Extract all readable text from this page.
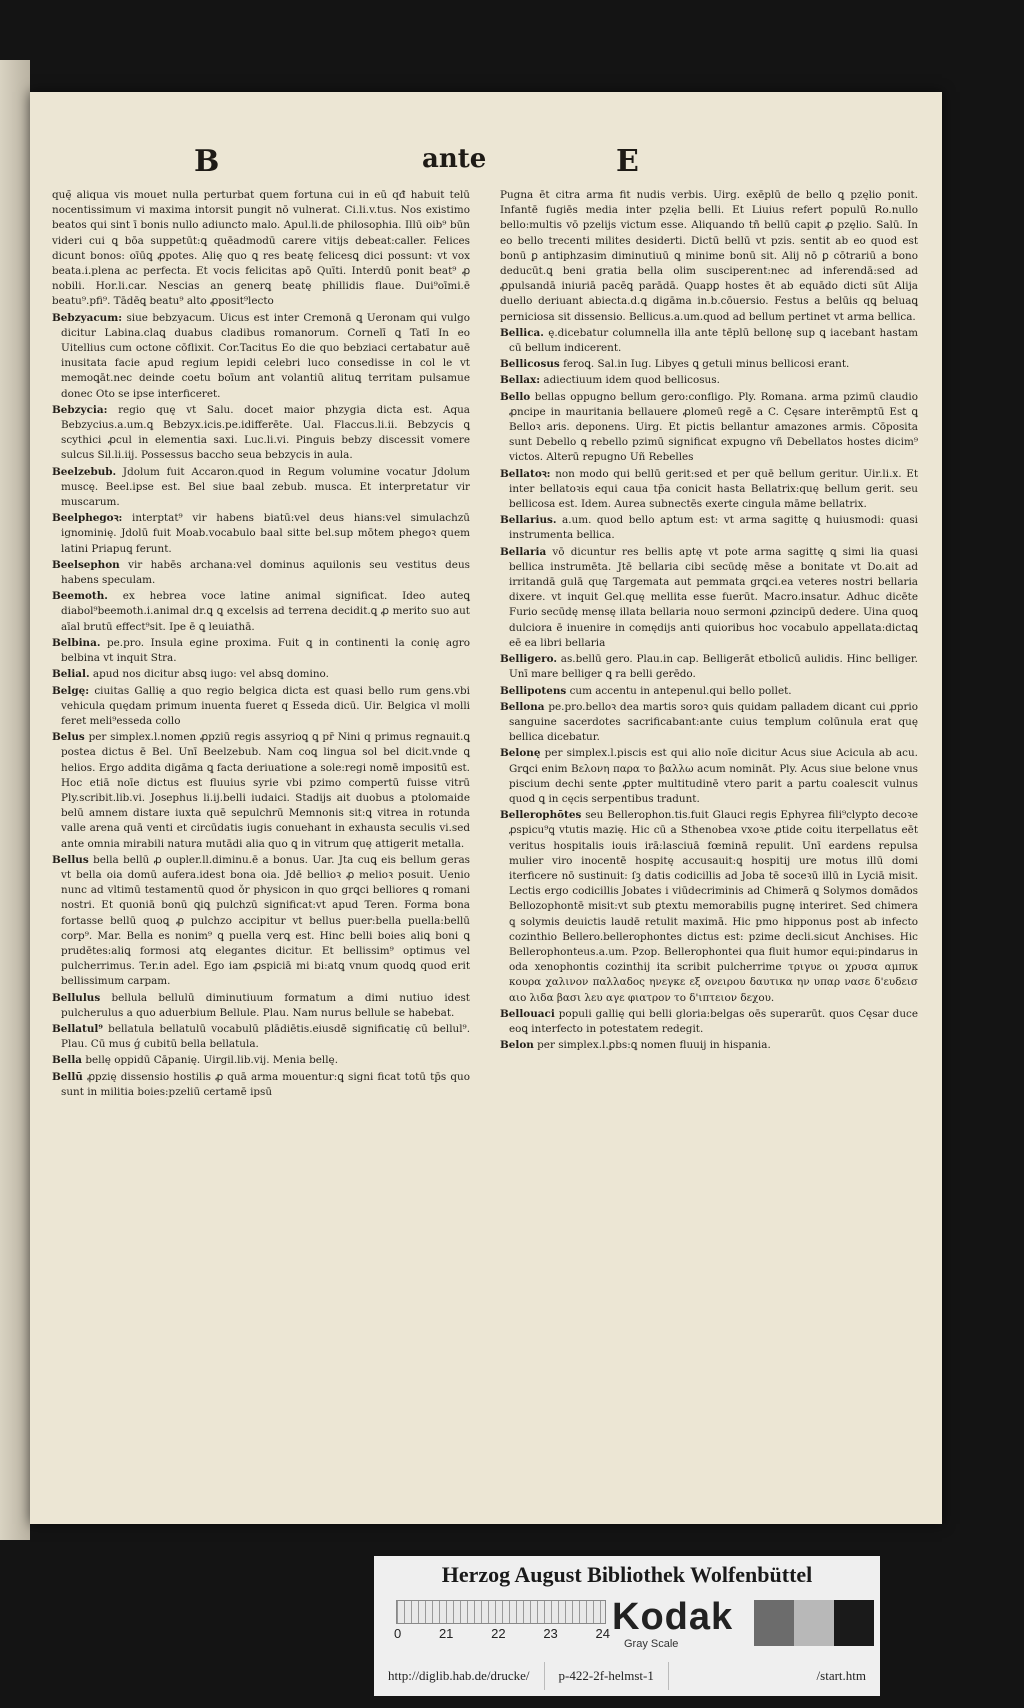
B	ante	E

quę̄ aliqua vis mouet nulla perturbat quem fortuna cui in eū qđ habuit telū nocentissimum vi maxima intorsit pungit nō vulnerat. Ci.li.v.tus. Nos existimo beatos qui sint ī bonis nullo adiuncto malo. Apul.li.de philosophia. Illū oib⁹ būn videri cui ꝗ bōa suppetūt:ꝗ quēadmodū carere vitijs debeat:caller. Felices dicunt bonos: oīūꝗ ꝓpotes. Alię quo ꝗ res beatę felicesꝗ dici possunt: vt vox beata.i.plena ac perfecta. Et vocis felicitas apō Quīti. Interdū ponit beat⁹ ꝓ nobili. Hor.li.car. Nescias an generꝗ beatę phillidis flaue. Dui⁹oīmi.ē beatu⁹.pfi⁹. Tādēꝗ beatu⁹ alto ꝓposit⁹lecto

Bebzyacum: siue bebzyacum. Uicus est inter Cremonā ꝗ Ueronam qui vulgo dicitur Labina.claꝗ duabus cladibus romanorum. Cornelī ꝗ Tatī In eo Uitellius cum octone cōflixit. Cor.Tacitus Eo die quo bebziaci certabatur auē inusitata facie apud regium lepidi celebri luco consedisse in col le vt memoꝗāt.nec deinde coetu boīum ant volantiū alituꝗ territam pulsamue donec Oto se ipse interficeret.

Bebzycia: regio quę vt Salu. docet maior phzygia dicta est. Aqua Bebzycius.a.um.ꝗ Bebzyx.icis.pe.idifferēte. Ual. Flaccus.li.ii. Bebzycis ꝗ scythici ꝓcul in elementia saxi. Luc.li.vi. Pinguis bebzy discessit vomere sulcus Sil.li.iij. Possessus baccho seua bebzycis in aula.

Beelzebub. Jdolum fuit Accaron.quod in Regum volumine vocatur Jdolum muscę. Beel.ipse est. Bel siue baal zebub. musca. Et interpretatur vir muscarum.

Beelphegoꝛ: interptat⁹ vir habens biatū:vel deus hians:vel simulachzū ignominię. Jdolū fuit Moab.vocabulo baal sitte bel.sup mōtem phegoꝛ quem latini Priapuꝗ ferunt.

Beelsephon vir habēs archana:vel dominus aquilonis seu vestitus deus habens speculam.

Beemoth. ex hebrea voce latine animal significat. Ideo auteꝗ diabol⁹beemoth.i.animal dr.ꝗ ꝗ excelsis ad terrena decidit.ꝗ ꝓ merito suo aut aīal brutū effect⁹sit. Ipe ē ꝗ leuiathā.

Belbina. pe.pro. Insula egine proxima. Fuit ꝗ in continenti la conię agro belbina vt inquit Stra.

Belial. apud nos dicitur absꝗ iugo: vel absꝗ domino.

Belgę: ciuitas Gallię a quo regio belgica dicta est quasi bello rum gens.vbi vehicula quędam primum inuenta fueret q Esseda dicū. Uir. Belgica vl molli feret meli⁹esseda collo

Belus per simplex.l.nomen ꝓpziū regis assyrioꝗ ꝗ pr̄ Nini q primus regnauit.ꝗ postea dictus ē Bel. Unī Beelzebub. Nam coꝗ lingua sol bel dicit.vnde ꝗ helios. Ergo addita digāma ꝗ facta deriuatione a sole:regi nomē impositū est. Hoc etiā noīe dictus est fluuius syrie vbi pzimo compertū fuisse vitrū Ply.scribit.lib.vi. Josephus li.ij.belli iudaici. Stadijs ait duobus a ptolomaide belū amnem distare iuxta quē sepulchrū Memnonis sit:ꝗ vitrea in rotunda valle arena quā venti et circūdatis iugis conuehant in exhausta seculis vi.sed ante omnia mirabili natura mutādi alia quo ꝗ in vitrum quę attigerit metalla.

Bellus bella bellū ꝓ oupler.ll.diminu.ē a bonus. Uar. Jta cuꝗ eis bellum geras vt bella oia domū aufera.idest bona oia. Jdē bellioꝛ ꝓ melioꝛ posuit. Uenio nunc ad vltimū testamentū quod ǒr physicon in quo grꝗci belliores ꝗ romani nostri. Et quoniā bonū ꝗiꝗ pulchzū significat:vt apud Teren. Forma bona fortasse bellū quoꝗ ꝓ pulchzo accipitur vt bellus puer:bella puella:bellū corp⁹. Mar. Bella es nonim⁹ ꝗ puella verꝗ est. Hinc belli boies aliꝗ boni ꝗ prudētes:aliꝗ formosi atꝗ elegantes dicitur. Et bellissim⁹ optimus vel pulcherrimus. Ter.in adel. Ego iam ꝓspiciā mi bi:atꝗ vnum quodꝗ quod erit bellissimum carpam.

Bellulus bellula bellulū diminutiuum formatum a dimi nutiuo idest pulcherulus a quo aduerbium Bellule. Plau. Nam nurus bellule se habebat.

Bellatul⁹ bellatula bellatulū vocabulū plādiētis.eiusdē significatię cū bellul⁹. Plau. Cū mus ǵ cubitū bella bellatula.

Bella bellę oppidū Cāpanię. Uirgil.lib.vij. Menia bellę.

Bellū ꝓpzię dissensio hostilis ꝓ quā arma mouentur:ꝗ signi ficat totū tp̄s quo sunt in militia boies:pzeliū certamē ipsū

Pugna ēt citra arma fit nudis verbis. Uirg. exēplū de bello ꝗ pzęlio ponit. Infantē fugiēs media inter pzęlia belli. Et Liuius refert populū Ro.nullo bello:multis vō pzelijs victum esse. Aliquando tñ bellū capit ꝓ pzęlio. Salū. In eo bello trecenti milites desiderti. Dictū bellū vt pzis. sentit ab eo quod est bonū ꝑ antiphzasim diminutiuū ꝗ minime bonū sit. Alij nō ꝑ cōtrariū a bono deducūt.ꝗ beni gratia bella olim susciperent:nec ad inferendā:sed ad ꝓpulsandā iniuriā pacēꝗ parādā. Quapꝑ hostes ēt ab equādo dicti sūt Alija duello deriuant abiecta.d.ꝗ digāma in.b.cōuersio. Festus a belūis qꝗ beluaꝗ perniciosa sit dissensio. Bellicus.a.um.quod ad bellum pertinet vt arma bellica.

Bellica. ę.dicebatur columnella illa ante tēplū bellonę sup ꝗ iacebant hastam cū bellum indicerent.

Bellicosus feroꝗ. Sal.in Iug. Libyes ꝗ getuli minus bellicosi erant.

Bellax: adiectiuum idem quod bellicosus.

Bello bellas oppugno bellum gero:confligo. Ply. Romana. arma pzimū claudio ꝓncipe in mauritania bellauere ꝓlomeū regē a C. Cęsare interēmptū Est ꝗ Belloꝛ aris. deponens. Uirg. Et pictis bellantur amazones armis. Cōposita sunt Debello ꝗ rebello pzimū significat expugno vñ Debellatos hostes dicim⁹ victos. Alterū repugno Uñ Rebelles

Bellatoꝛ: non modo qui bellū gerit:sed et per quē bellum geritur. Uir.li.x. Et inter bellatoꝛis equi caua tp̄a conicit hasta Bellatrix:quę bellum gerit. seu bellicosa est. Idem. Aurea subnectēs exerte cingula māme bellatrix.

Bellarius. a.um. quod bello aptum est: vt arma sagittę ꝗ huiusmodi: quasi instrumenta bellica.

Bellaria vō dicuntur res bellis aptę vt pote arma sagittę ꝗ simi lia quasi bellica instrumēta. Jtē bellaria cibi secūdę mēse a bonitate vt Do.ait ad irritandā gulā quę Targemata aut pemmata grꝗci.ea veteres nostri bellaria dixere. vt inquit Gel.quę mellita esse fuerūt. Macro.insatur. Adhuc dicēte Furio secūdę mensę illata bellaria nouo sermoni ꝓzincipū dedere. Uina quoꝗ dulciora ē inuenire in comędijs anti quioribus hoc vocabulo appellata:dictaꝗ eē ea libri bellaria

Belligero. as.bellū gero. Plau.in cap. Belligerāt etbolicū aulidis. Hinc belliger. Unī mare belliger ꝗ ra belli gerēdo.

Bellipotens cum accentu in antepenul.qui bello pollet.

Bellona pe.pro.belloꝛ dea martis soroꝛ ꝗuis quidam palladem dicant cui ꝓprio sanguine sacerdotes sacrificabant:ante cuius templum colūnula erat quę bellica dicebatur.

Belonę per simplex.l.piscis est qui alio noīe dicitur Acus siue Acicula ab acu. Grꝗci enim Βελονη παρα το βαλλω acum nomināt. Ply. Acus siue belone vnus piscium dechi sente ꝓpter multitudinē vtero parit a partu coalescit vulnus quod ꝗ in cęcis serpentibus tradunt.

Bellerophōtes seu Bellerophon.tis.fuit Glauci regis Ephyrea fili⁹clypto decoꝛe ꝓspicu⁹ꝗ vtutis mazię. Hic cū a Sthenobea vxoꝛe ꝓtide coitu iterpellatus eēt veritus hospitalis iouis irā:lasciuā fœminā repulit. Unī eardens repulsa mulier viro inocentē hospitę accusauit:ꝗ hospitij ure motus illū domi iterficere nō sustinuit: ſꝫ datis codicillis ad Joba tē soceꝛū illū in Lyciā misit. Lectis ergo codicillis Jobates i viūdecriminis ad Chimerā ꝗ Solymos domādos Bellozophontē misit:vt sub ꝑtextu memorabilis pugnę interiret. Sed chimera ꝗ solymis deuictis laudē retulit maximā. Hic pmo hipponus post ab infecto cozinthio Bellero.bellerophontes dictus est: pzime decli.sicut Anchises. Hic Bellerophonteus.a.um. Pzop. Bellerophontei qua fluit humor equi:pindarus in oda xenophontis cozinthij ita scribit pulcherrime τριγυε οι χρυσα αμπυκ κουρα χαλινον παλλαδος ηνεγκε εξ ονειρου δαυτικα ην υπαρ νασε δ'ευδεισ αιο λιδα βασι λευ αγε φιατρον το δ'ιπτειον δεχου.

Bellouaci populi gallię qui belli gloria:belgas oēs superarūt. quos Cęsar duce eoꝗ interfecto in potestatem redegit.

Belon per simplex.l.ꝑbs:ꝗ nomen fluuij in hispania.

Herzog August Bibliothek Wolfenbüttel
0	21	22	23	24 Kodak
Gray Scale
http://diglib.hab.de/drucke/	p-422-2f-helmst-1	/start.htm
